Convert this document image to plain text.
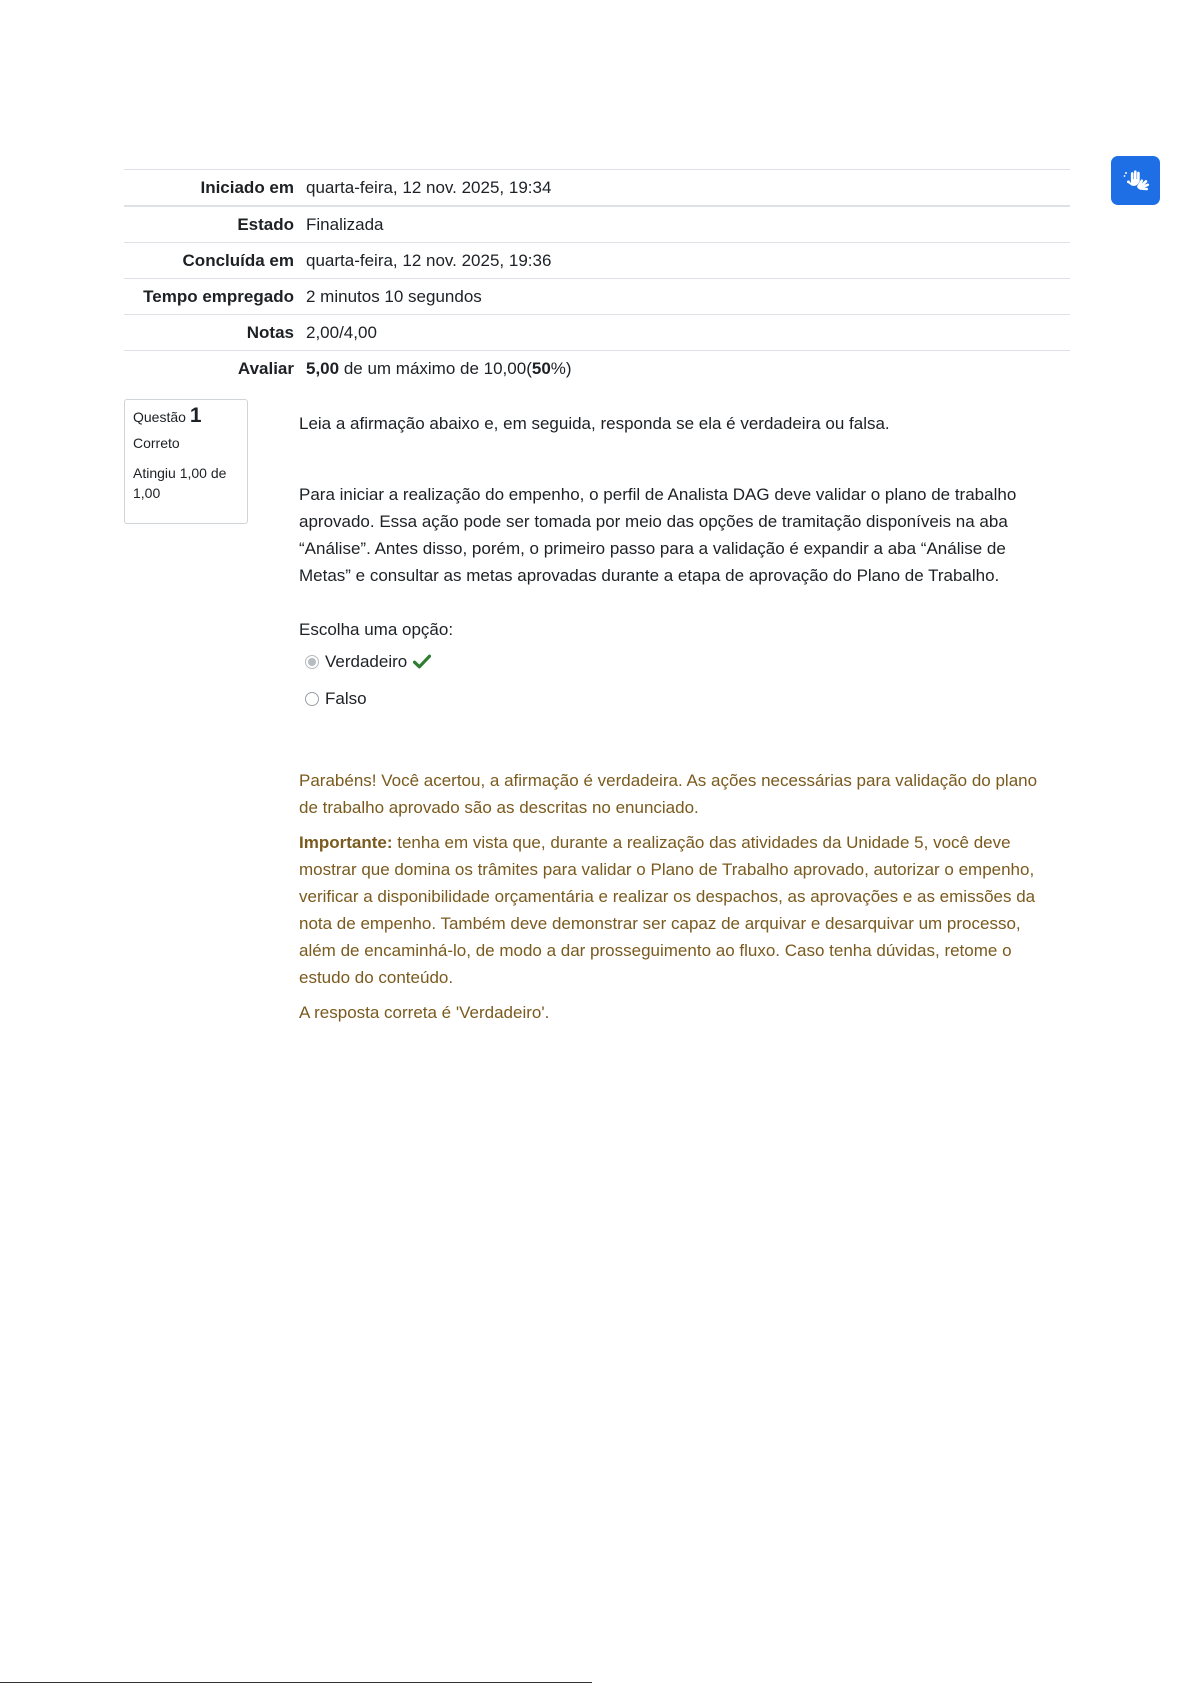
Iniciado em	quarta-feira, 12 nov. 2025, 19:34
Estado	Finalizada
Concluída em	quarta-feira, 12 nov. 2025, 19:36
Tempo empregado	2 minutos 10 segundos
Notas	2,00/4,00
Avaliar	5,00 de um máximo de 10,00(50%)
Questão 1
Correto
Atingiu 1,00 de 1,00

Leia a afirmação abaixo e, em seguida, responda se ela é verdadeira ou falsa.

Para iniciar a realização do empenho, o perfil de Analista DAG deve validar o plano de trabalho aprovado. Essa ação pode ser tomada por meio das opções de tramitação disponíveis na aba “Análise”. Antes disso, porém, o primeiro passo para a validação é expandir a aba “Análise de Metas” e consultar as metas aprovadas durante a etapa de aprovação do Plano de Trabalho.

Escolha uma opção:

Verdadeiro
Falso

Parabéns! Você acertou, a afirmação é verdadeira. As ações necessárias para validação do plano de trabalho aprovado são as descritas no enunciado.

Importante: tenha em vista que, durante a realização das atividades da Unidade 5, você deve mostrar que domina os trâmites para validar o Plano de Trabalho aprovado, autorizar o empenho, verificar a disponibilidade orçamentária e realizar os despachos, as aprovações e as emissões da nota de empenho. Também deve demonstrar ser capaz de arquivar e desarquivar um processo, além de encaminhá-lo, de modo a dar prosseguimento ao fluxo. Caso tenha dúvidas, retome o estudo do conteúdo.

A resposta correta é 'Verdadeiro'.
